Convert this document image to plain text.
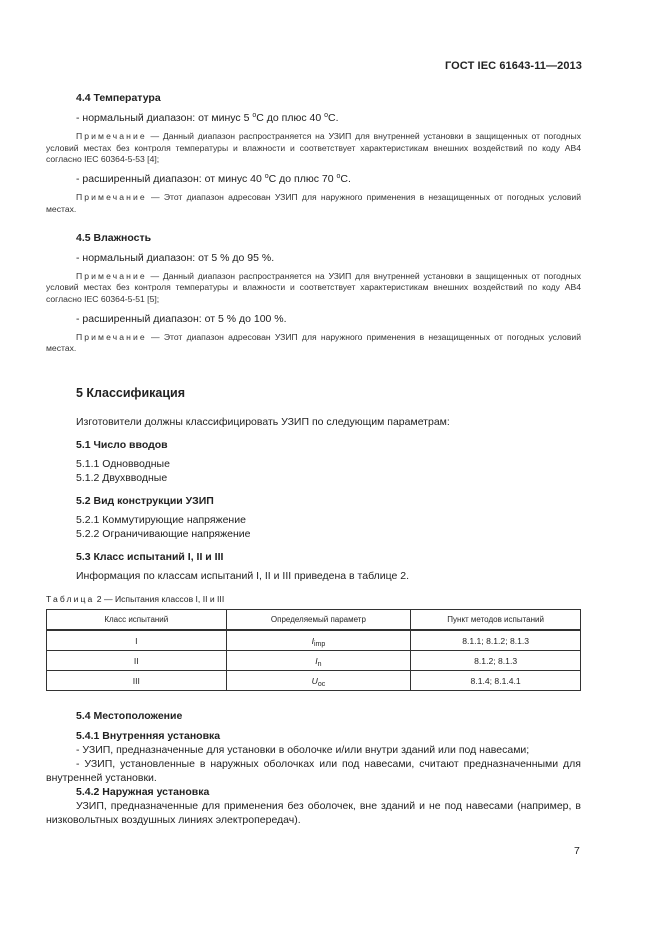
ГОСТ IEC 61643-11—2013
4.4 Температура
- нормальный диапазон: от минус 5 $^o$С до плюс 40 $^o$С.
Примечание — Данный диапазон распространяется на УЗИП для внутренней установки в защищенных от погодных условий местах без контроля температуры и влажности и соответствует характеристикам внешних воздействий по коду АВ4 согласно IEC 60364-5-53 [4];
- расширенный диапазон: от минус 40 $^o$С до плюс 70 $^o$С.
Примечание — Этот диапазон адресован УЗИП для наружного применения в незащищенных от погодных условий местах.
4.5 Влажность
- нормальный диапазон: от 5 % до 95 %.
Примечание — Данный диапазон распространяется на УЗИП для внутренней установки в защищенных от погодных условий местах без контроля температуры и влажности и соответствует характеристикам внешних воздействий по коду АВ4 согласно IEC 60364-5-51 [5];
- расширенный диапазон: от 5 % до 100 %.
Примечание — Этот диапазон адресован УЗИП для наружного применения в незащищенных от погодных условий местах.
5 Классификация
Изготовители должны классифицировать УЗИП по следующим параметрам:
5.1 Число вводов
5.1.1 Одновводные
5.1.2 Двухвводные
5.2 Вид конструкции УЗИП
5.2.1 Коммутирующие напряжение
5.2.2 Ограничивающие напряжение
5.3 Класс испытаний I, II и III
Информация по классам испытаний I, II и III приведена в таблице 2.
Таблица 2 — Испытания классов I, II и III
Класс испытаний	Определяемый параметр	Пункт методов испытаний
I	$I_{imp}$	8.1.1; 8.1.2; 8.1.3
II	$I_n$	8.1.2; 8.1.3
III	$U_{oc}$	8.1.4; 8.1.4.1
5.4 Местоположение
5.4.1 Внутренняя установка
- УЗИП, предназначенные для установки в оболочке и/или внутри зданий или под навесами;
- УЗИП, установленные в наружных оболочках или под навесами, считают предназначенными для внутренней установки.
5.4.2 Наружная установка
УЗИП, предназначенные для применения без оболочек, вне зданий и не под навесами (например, в низковольтных воздушных линиях электропередач).
7
